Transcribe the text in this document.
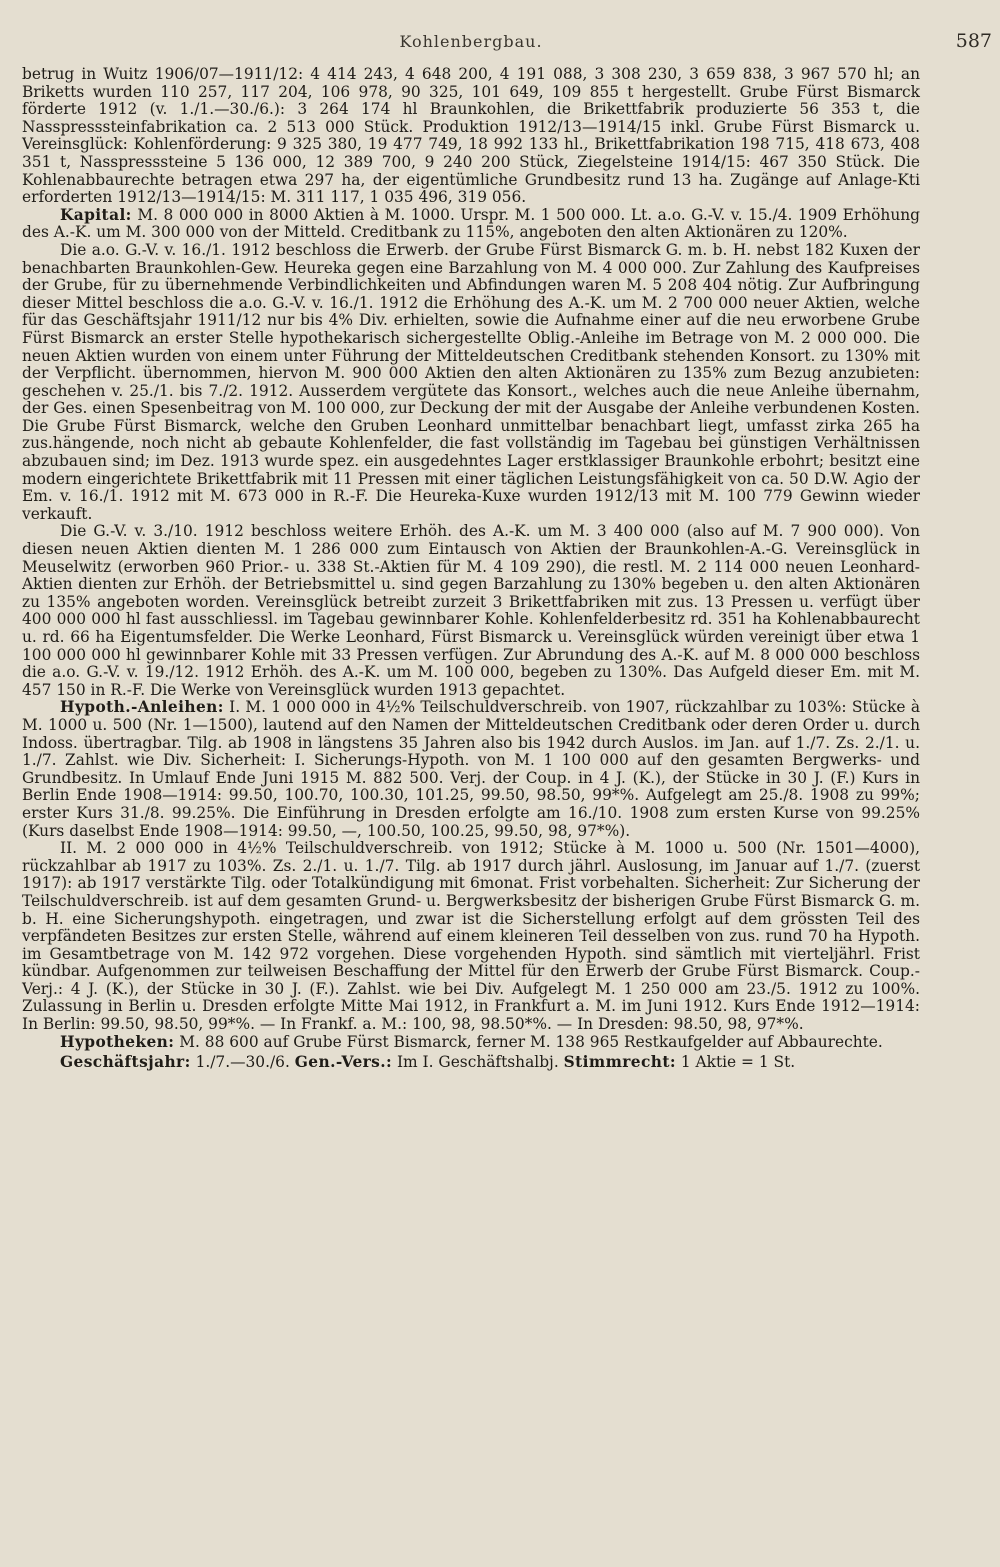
Kohlenbergbau.	587

betrug in Wuitz 1906/07—1911/12: 4 414 243, 4 648 200, 4 191 088, 3 308 230, 3 659 838, 3 967 570 hl; an Briketts wurden 110 257, 117 204, 106 978, 90 325, 101 649, 109 855 t hergestellt. Grube Fürst Bismarck förderte 1912 (v. 1./1.—30./6.): 3 264 174 hl Braunkohlen, die Brikettfabrik produzierte 56 353 t, die Nasspresssteinfabrikation ca. 2 513 000 Stück. Produktion 1912/13—1914/15 inkl. Grube Fürst Bismarck u. Vereinsglück: Kohlenförderung: 9 325 380, 19 477 749, 18 992 133 hl., Brikettfabrikation 198 715, 418 673, 408 351 t, Nasspresssteine 5 136 000, 12 389 700, 9 240 200 Stück, Ziegelsteine 1914/15: 467 350 Stück. Die Kohlenabbaurechte betragen etwa 297 ha, der eigentümliche Grundbesitz rund 13 ha. Zugänge auf Anlage-Kti erforderten 1912/13—1914/15: M. 311 117, 1 035 496, 319 056.

Kapital: M. 8 000 000 in 8000 Aktien à M. 1000. Urspr. M. 1 500 000. Lt. a.o. G.-V. v. 15./4. 1909 Erhöhung des A.-K. um M. 300 000 von der Mitteld. Creditbank zu 115%, angeboten den alten Aktionären zu 120%.

Die a.o. G.-V. v. 16./1. 1912 beschloss die Erwerb. der Grube Fürst Bismarck G. m. b. H. nebst 182 Kuxen der benachbarten Braunkohlen-Gew. Heureka gegen eine Barzahlung von M. 4 000 000. Zur Zahlung des Kaufpreises der Grube, für zu übernehmende Verbindlichkeiten und Abfindungen waren M. 5 208 404 nötig. Zur Aufbringung dieser Mittel beschloss die a.o. G.-V. v. 16./1. 1912 die Erhöhung des A.-K. um M. 2 700 000 neuer Aktien, welche für das Geschäftsjahr 1911/12 nur bis 4% Div. erhielten, sowie die Aufnahme einer auf die neu erworbene Grube Fürst Bismarck an erster Stelle hypothekarisch sichergestellte Oblig.-Anleihe im Betrage von M. 2 000 000. Die neuen Aktien wurden von einem unter Führung der Mitteldeutschen Creditbank stehenden Konsort. zu 130% mit der Verpflicht. übernommen, hiervon M. 900 000 Aktien den alten Aktionären zu 135% zum Bezug anzubieten: geschehen v. 25./1. bis 7./2. 1912. Ausserdem vergütete das Konsort., welches auch die neue Anleihe übernahm, der Ges. einen Spesenbeitrag von M. 100 000, zur Deckung der mit der Ausgabe der Anleihe verbundenen Kosten. Die Grube Fürst Bismarck, welche den Gruben Leonhard unmittelbar benachbart liegt, umfasst zirka 265 ha zus.hängende, noch nicht ab gebaute Kohlenfelder, die fast vollständig im Tagebau bei günstigen Verhältnissen abzubauen sind; im Dez. 1913 wurde spez. ein ausgedehntes Lager erstklassiger Braunkohle erbohrt; besitzt eine modern eingerichtete Brikettfabrik mit 11 Pressen mit einer täglichen Leistungsfähigkeit von ca. 50 D.W. Agio der Em. v. 16./1. 1912 mit M. 673 000 in R.-F. Die Heureka-Kuxe wurden 1912/13 mit M. 100 779 Gewinn wieder verkauft.

Die G.-V. v. 3./10. 1912 beschloss weitere Erhöh. des A.-K. um M. 3 400 000 (also auf M. 7 900 000). Von diesen neuen Aktien dienten M. 1 286 000 zum Eintausch von Aktien der Braunkohlen-A.-G. Vereinsglück in Meuselwitz (erworben 960 Prior.- u. 338 St.-Aktien für M. 4 109 290), die restl. M. 2 114 000 neuen Leonhard-Aktien dienten zur Erhöh. der Betriebsmittel u. sind gegen Barzahlung zu 130% begeben u. den alten Aktionären zu 135% angeboten worden. Vereinsglück betreibt zurzeit 3 Brikettfabriken mit zus. 13 Pressen u. verfügt über 400 000 000 hl fast ausschliessl. im Tagebau gewinnbarer Kohle. Kohlenfelderbesitz rd. 351 ha Kohlenabbaurecht u. rd. 66 ha Eigentumsfelder. Die Werke Leonhard, Fürst Bismarck u. Vereinsglück würden vereinigt über etwa 1 100 000 000 hl gewinnbarer Kohle mit 33 Pressen verfügen. Zur Abrundung des A.-K. auf M. 8 000 000 beschloss die a.o. G.-V. v. 19./12. 1912 Erhöh. des A.-K. um M. 100 000, begeben zu 130%. Das Aufgeld dieser Em. mit M. 457 150 in R.-F. Die Werke von Vereinsglück wurden 1913 gepachtet.

Hypoth.-Anleihen: I. M. 1 000 000 in 4½% Teilschuldverschreib. von 1907, rückzahlbar zu 103%: Stücke à M. 1000 u. 500 (Nr. 1—1500), lautend auf den Namen der Mitteldeutschen Creditbank oder deren Order u. durch Indoss. übertragbar. Tilg. ab 1908 in längstens 35 Jahren also bis 1942 durch Auslos. im Jan. auf 1./7. Zs. 2./1. u. 1./7. Zahlst. wie Div. Sicherheit: I. Sicherungs-Hypoth. von M. 1 100 000 auf den gesamten Bergwerks- und Grundbesitz. In Umlauf Ende Juni 1915 M. 882 500. Verj. der Coup. in 4 J. (K.), der Stücke in 30 J. (F.) Kurs in Berlin Ende 1908—1914: 99.50, 100.70, 100.30, 101.25, 99.50, 98.50, 99*%. Aufgelegt am 25./8. 1908 zu 99%; erster Kurs 31./8. 99.25%. Die Einführung in Dresden erfolgte am 16./10. 1908 zum ersten Kurse von 99.25% (Kurs daselbst Ende 1908—1914: 99.50, —, 100.50, 100.25, 99.50, 98, 97*%).

II. M. 2 000 000 in 4½% Teilschuldverschreib. von 1912; Stücke à M. 1000 u. 500 (Nr. 1501—4000), rückzahlbar ab 1917 zu 103%. Zs. 2./1. u. 1./7. Tilg. ab 1917 durch jährl. Auslosung, im Januar auf 1./7. (zuerst 1917): ab 1917 verstärkte Tilg. oder Totalkündigung mit 6monat. Frist vorbehalten. Sicherheit: Zur Sicherung der Teilschuldverschreib. ist auf dem gesamten Grund- u. Bergwerksbesitz der bisherigen Grube Fürst Bismarck G. m. b. H. eine Sicherungshypoth. eingetragen, und zwar ist die Sicherstellung erfolgt auf dem grössten Teil des verpfändeten Besitzes zur ersten Stelle, während auf einem kleineren Teil desselben von zus. rund 70 ha Hypoth. im Gesamtbetrage von M. 142 972 vorgehen. Diese vorgehenden Hypoth. sind sämtlich mit vierteljährl. Frist kündbar. Aufgenommen zur teilweisen Beschaffung der Mittel für den Erwerb der Grube Fürst Bismarck. Coup.-Verj.: 4 J. (K.), der Stücke in 30 J. (F.). Zahlst. wie bei Div. Aufgelegt M. 1 250 000 am 23./5. 1912 zu 100%. Zulassung in Berlin u. Dresden erfolgte Mitte Mai 1912, in Frankfurt a. M. im Juni 1912. Kurs Ende 1912—1914: In Berlin: 99.50, 98.50, 99*%. — In Frankf. a. M.: 100, 98, 98.50*%. — In Dresden: 98.50, 98, 97*%.

Hypotheken: M. 88 600 auf Grube Fürst Bismarck, ferner M. 138 965 Restkaufgelder auf Abbaurechte.

Geschäftsjahr: 1./7.—30./6. Gen.-Vers.: Im I. Geschäftshalbj. Stimmrecht: 1 Aktie = 1 St.
